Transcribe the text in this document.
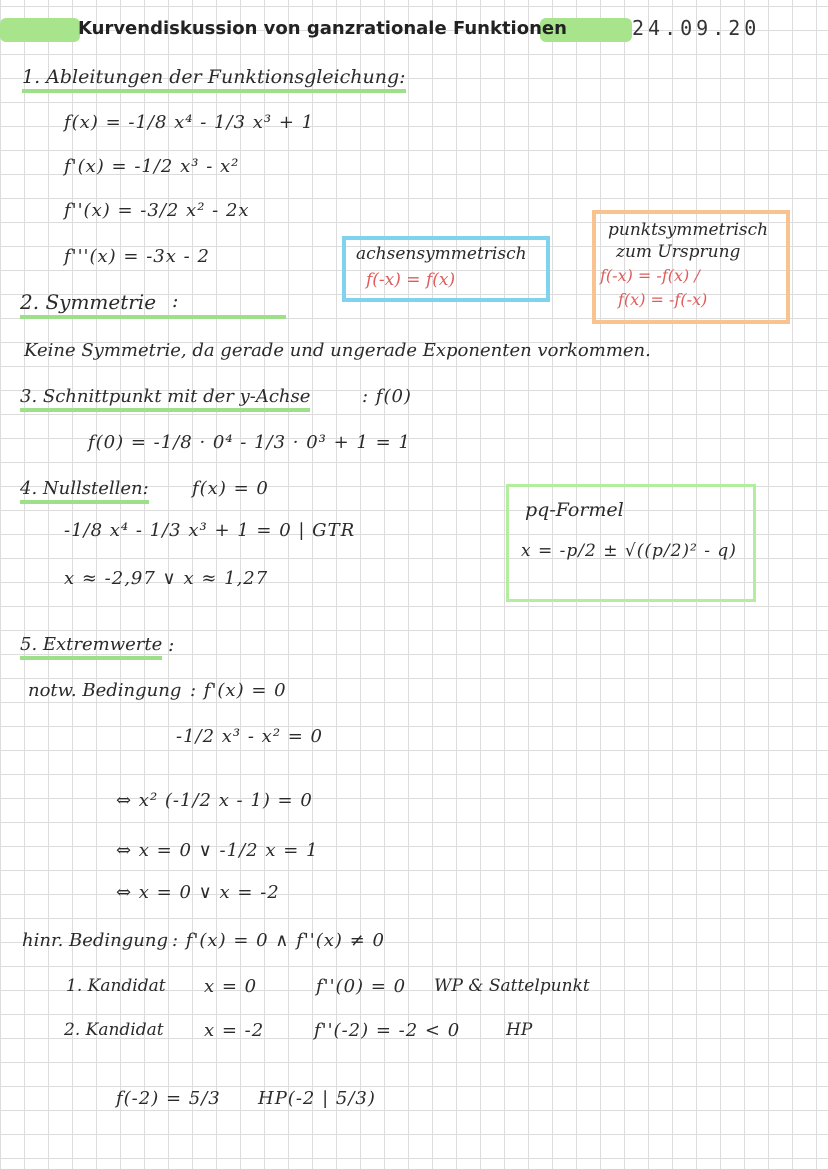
Kurvendiskussion von ganzrationale Funktionen	24.09.20
1. Ableitungen der Funktionsgleichung:
f(x) = -1/8 x⁴ - 1/3 x³ + 1
f'(x) = -1/2 x³ - x²
f''(x) = -3/2 x² - 2x
f'''(x) = -3x - 2	achsensymmetrisch
f(-x) = f(x)
punktsymmetrisch
zum Ursprung
f(-x) = -f(x) /
f(x) = -f(-x)
2. Symmetrie :
Keine Symmetrie, da gerade und ungerade Exponenten vorkommen.
3. Schnittpunkt mit der y-Achse	: f(0)
f(0) = -1/8 · 0⁴ - 1/3 · 0³ + 1 = 1
4. Nullstellen: f(x) = 0
-1/8 x⁴ - 1/3 x³ + 1 = 0 | GTR
x ≈ -2,97 ∨ x ≈ 1,27
pq-Formel
x = -p/2 ± √((p/2)² - q)
5. Extremwerte :
notw. Bedingung : f'(x) = 0
-1/2 x³ - x² = 0
⇔ x² (-1/2 x - 1) = 0
⇔ x = 0 ∨ -1/2 x = 1
⇔ x = 0 ∨ x = -2
hinr. Bedingung : f'(x) = 0 ∧ f''(x) ≠ 0
1. Kandidat x = 0	f''(0) = 0 WP & Sattelpunkt
2. Kandidat x = -2	f''(-2) = -2 < 0	HP
f(-2) = 5/3 HP(-2 | 5/3)
